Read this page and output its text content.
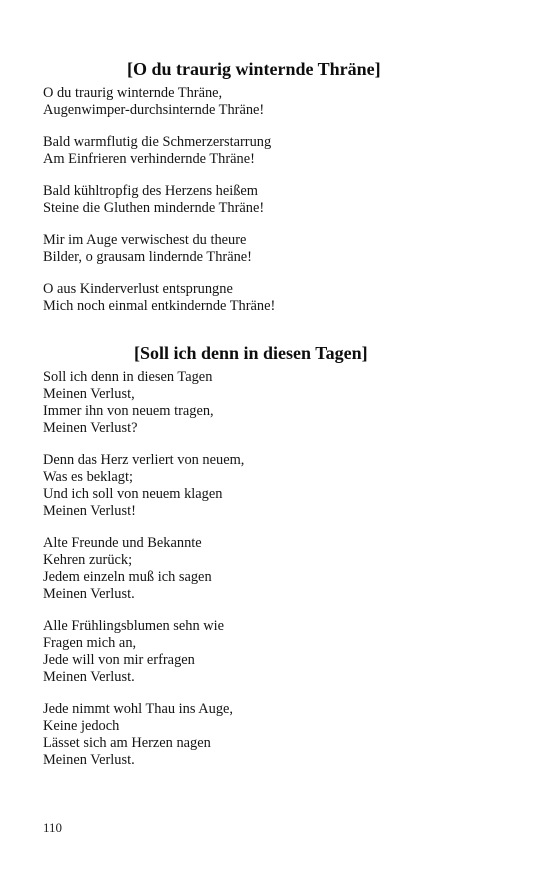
[O du traurig winternde Thräne]

O du traurig winternde Thräne,
Augenwimper-durchsinternde Thräne!

Bald warmflutig die Schmerzerstarrung
Am Einfrieren verhindernde Thräne!

Bald kühltropfig des Herzens heißem
Steine die Gluthen mindernde Thräne!

Mir im Auge verwischest du theure
Bilder, o grausam lindernde Thräne!

O aus Kinderverlust entsprungne
Mich noch einmal entkindernde Thräne!

[Soll ich denn in diesen Tagen]

Soll ich denn in diesen Tagen
Meinen Verlust,
Immer ihn von neuem tragen,
Meinen Verlust?

Denn das Herz verliert von neuem,
Was es beklagt;
Und ich soll von neuem klagen
Meinen Verlust!

Alte Freunde und Bekannte
Kehren zurück;
Jedem einzeln muß ich sagen
Meinen Verlust.

Alle Frühlingsblumen sehn wie
Fragen mich an,
Jede will von mir erfragen
Meinen Verlust.

Jede nimmt wohl Thau ins Auge,
Keine jedoch
Lässet sich am Herzen nagen
Meinen Verlust.

110
